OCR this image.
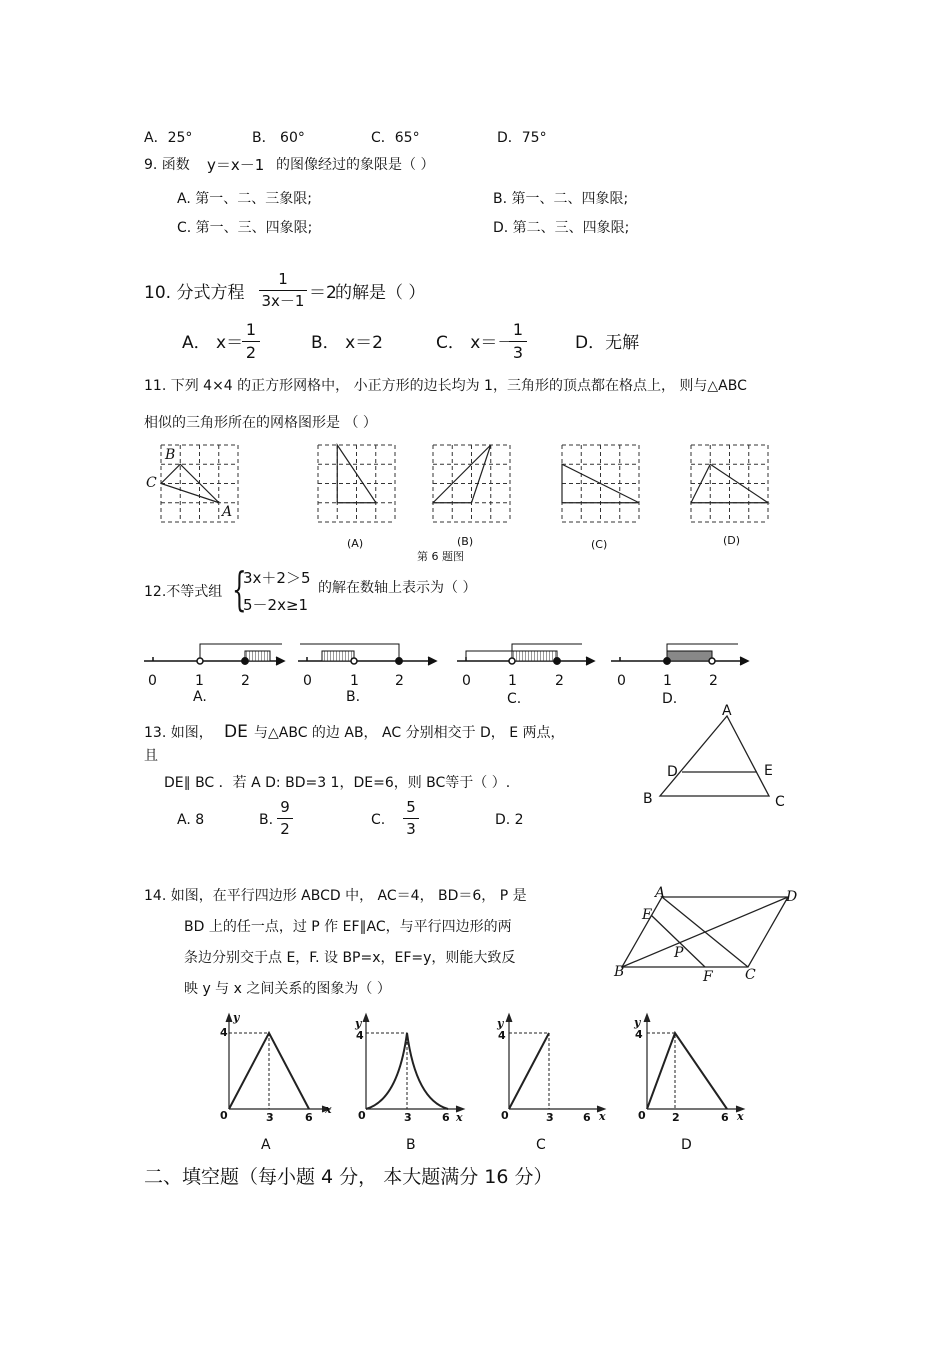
A．25°	B． 60°	C．65°	D．75°
9. 函数 y＝x－1 的图像经过的象限是（ ）
A. 第一、二、三象限;	B. 第一、二、四象限;
C. 第一、三、四象限;	D. 第二、三、四象限;
10. 分式方程 $\frac{1}{3x-1} =2$
的解是（ ）
A． x＝
$\frac{1}{2}$	B． x＝2	C． x＝－
$\frac{1}{3}$	D．无解
11. 下列 4×4 的正方形网格中， 小正方形的边长均为 1，三角形的顶点都在格点上， 则与△ABC
相似的三角形所在的网格图形是 （ ）
B
C
A
(A)	(B)	(C)	(D)
第 6 题图
12.不等式组 {
3x＋2＞5
5－2x≥1
的解在数轴上表示为（ ）
0	1	2
A.
0	1	2
B.
0	1	2
C.
0	1	2
D.
13. 如图， DE 与△ABC 的边 AB， AC 分别相交于 D， E 两点，
且
DE∥ BC ．若 A D: BD=3 1，DE=6，则 BC等于（ ）.
A. 8	B. $\frac{9}{2}$	C. $\frac{5}{3}$	D. 2
A
D	E
B	C
14. 如图，在平行四边形 ABCD 中， AC＝4， BD＝6， P 是
BD 上的任一点，过 P 作 EF∥AC，与平行四边形的两
条边分别交于点 E，F. 设 BP=x，EF=y，则能大致反
映 y 与 x 之间关系的图象为（ ）
A	D
E
P
B	F C
y
4
0	3	6
x
A
y
4
0	3	6 x
B
y
4
0	3	6 x
C
y
4
0 2	6 x
D
二、填空题（每小题 4 分， 本大题满分 16 分）
